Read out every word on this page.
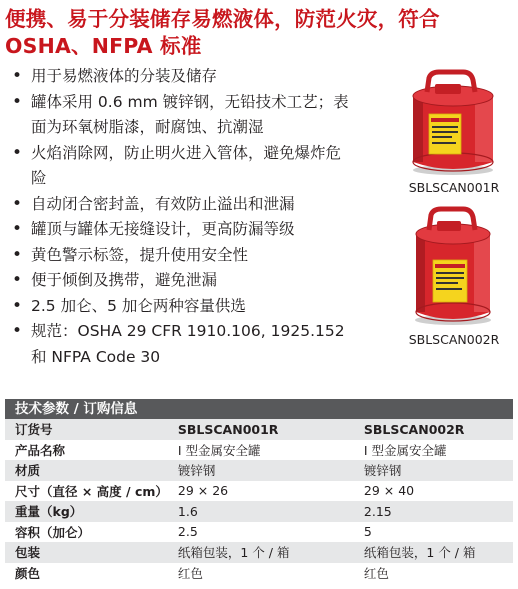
便携、易于分装储存易燃液体，防范火灾，符合
OSHA、NFPA 标准
• 用于易燃液体的分装及储存
• 罐体采用 0.6 mm 镀锌钢，无铅技术工艺；表面为环氧树脂漆，耐腐蚀、抗潮湿
• 火焰消除网，防止明火进入管体，避免爆炸危险
• 自动闭合密封盖，有效防止溢出和泄漏
• 罐顶与罐体无接缝设计，更高防漏等级
• 黄色警示标签，提升使用安全性
• 便于倾倒及携带，避免泄漏
• 2.5 加仑、5 加仑两种容量供选
• 规范：OSHA 29 CFR 1910.106, 1925.152 和 NFPA Code 30
SBLSCAN001R
SBLSCAN002R
技术参数 / 订购信息
订货号	SBLSCAN001R	SBLSCAN002R
产品名称	I 型金属安全罐	I 型金属安全罐
材质	镀锌钢	镀锌钢
尺寸（直径 × 高度 / cm）	29 × 26	29 × 40
重量（kg）	1.6	2.15
容积（加仑）	2.5	5
包装	纸箱包装，1 个 / 箱	纸箱包装，1 个 / 箱
颜色	红色	红色
